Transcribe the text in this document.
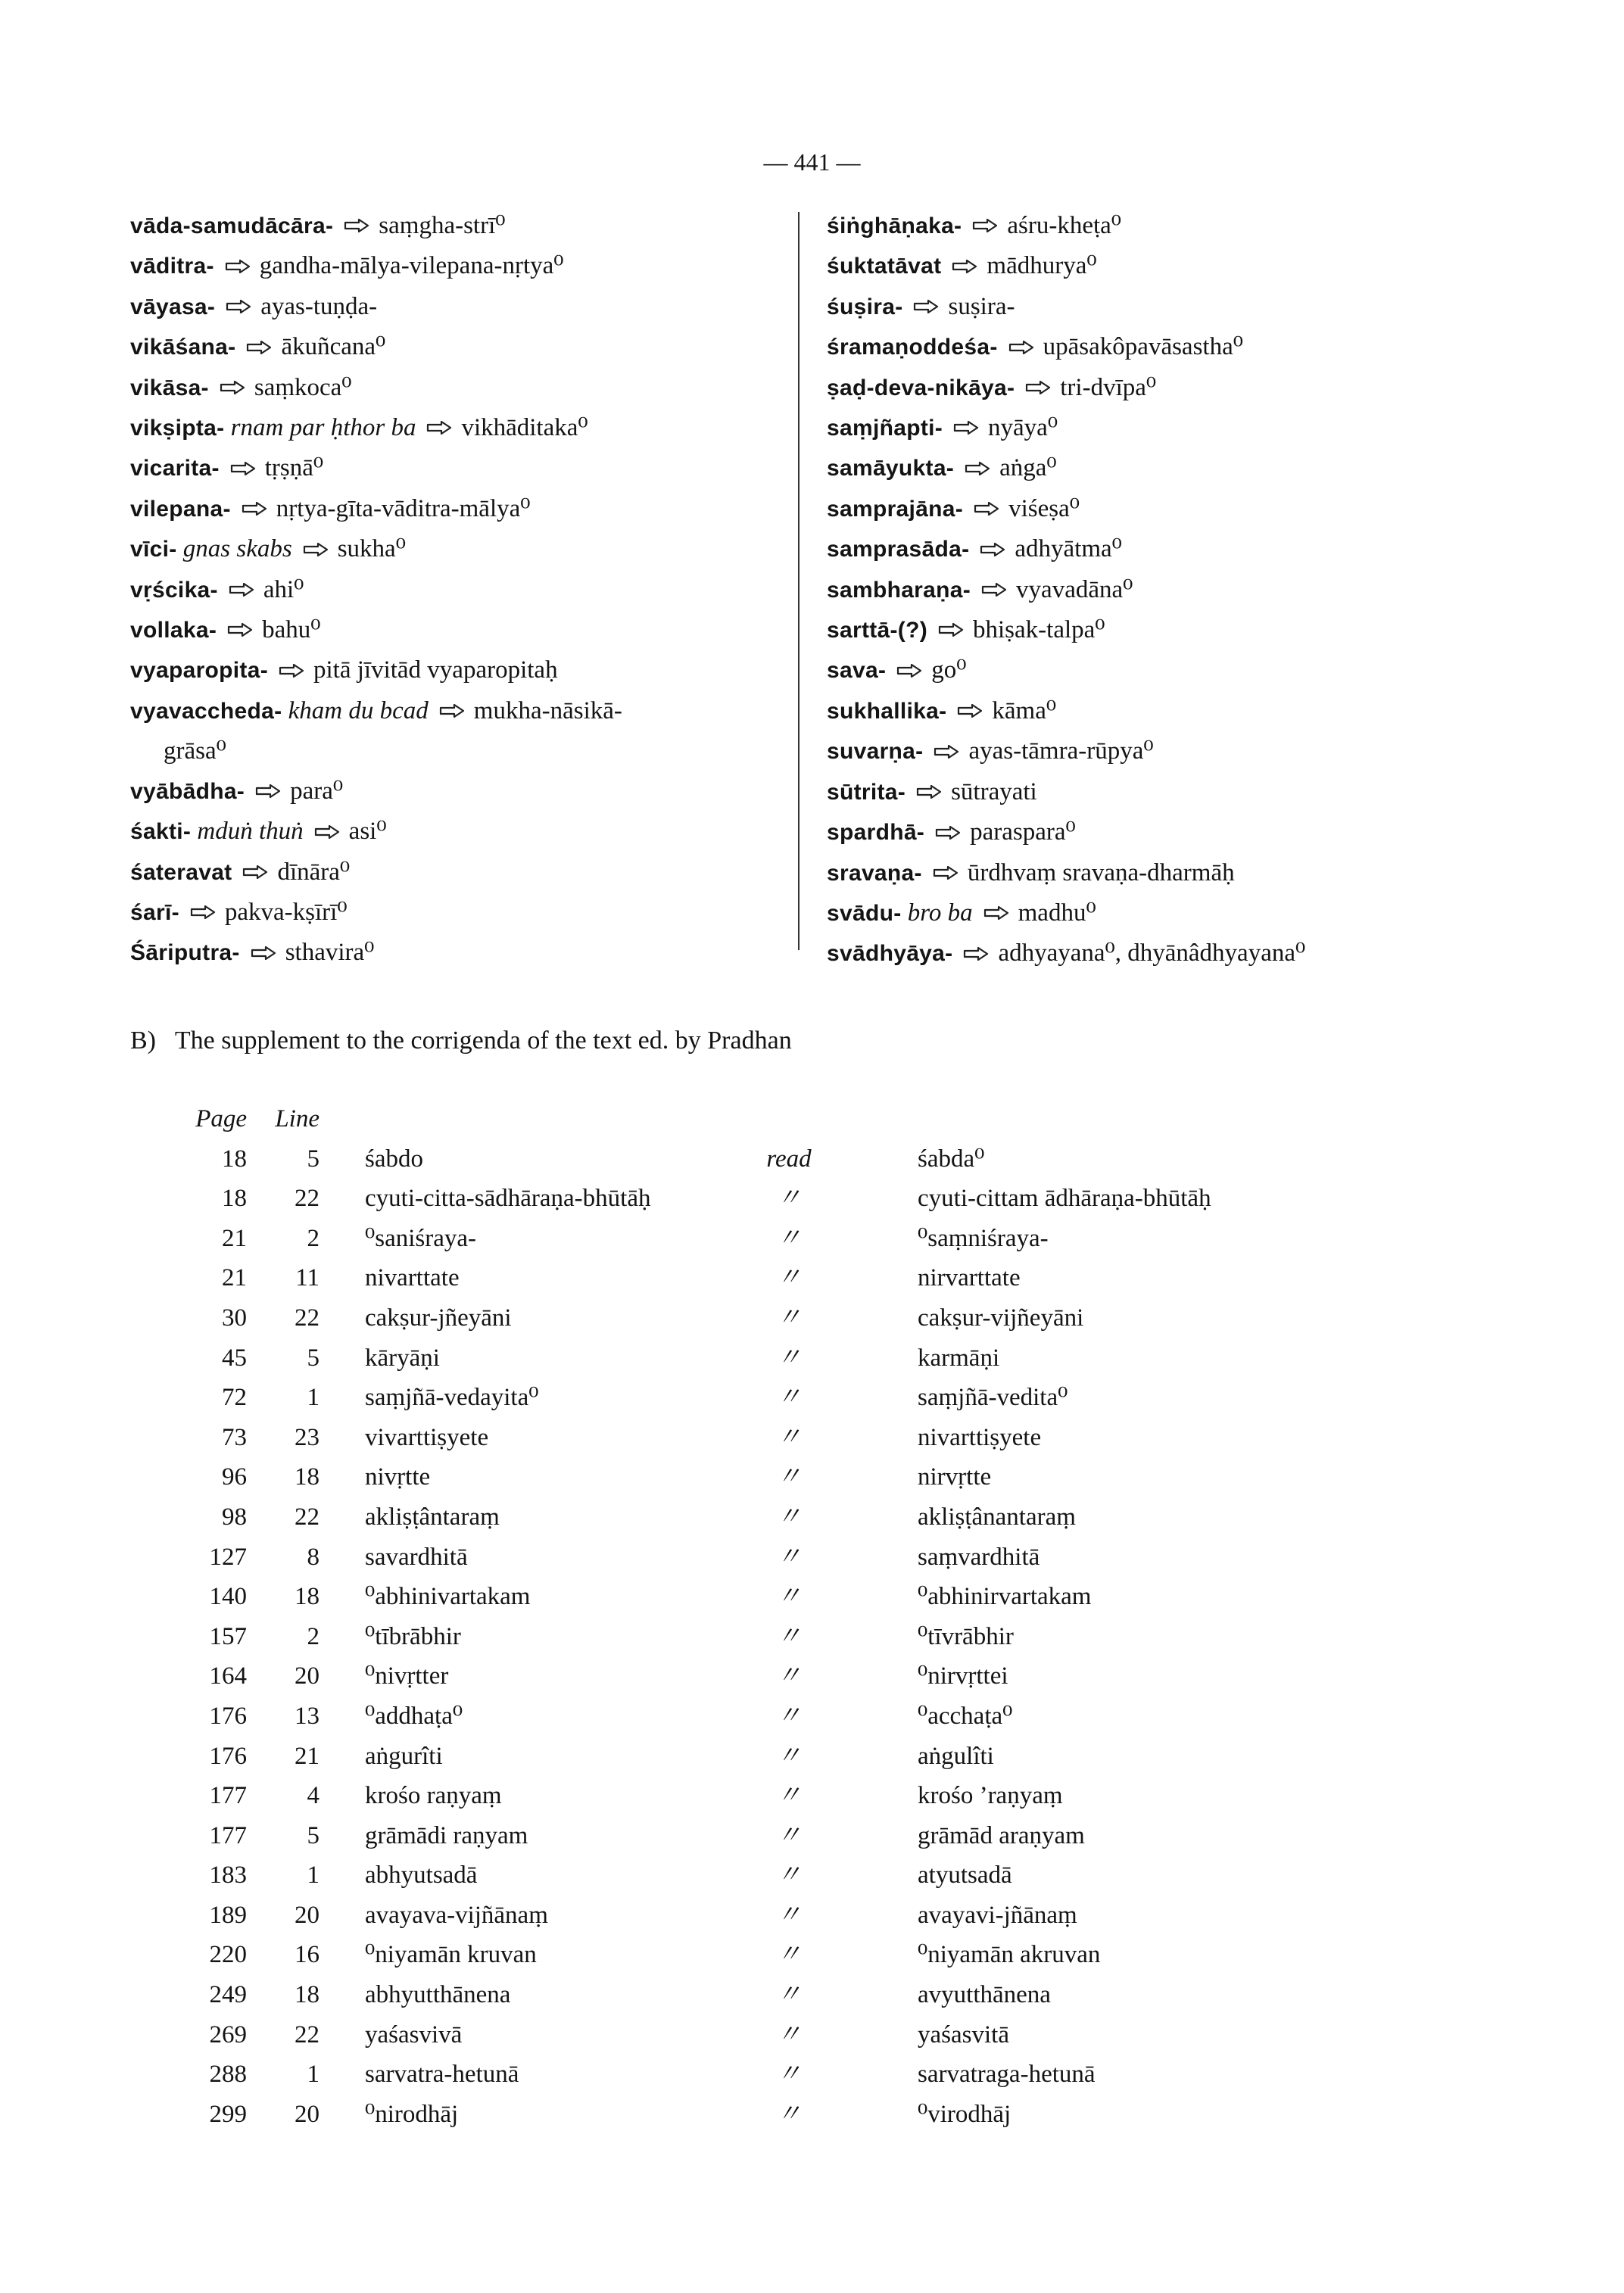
— 441 —
vāda-samudācāra- saṃgha-strī⁰
vāditra- gandha-mālya-vilepana-nṛtya⁰
vāyasa- ayas-tuṇḍa-
vikāśana- ākuñcana⁰
vikāsa- saṃkoca⁰
vikṣipta- rnam par ḥthor ba vikhāditaka⁰
vicarita- tṛṣṇā⁰
vilepana- nṛtya-gīta-vāditra-mālya⁰
vīci- gnas skabs sukha⁰
vṛścika- ahi⁰
vollaka- bahu⁰
vyaparopita- pitā jīvitād vyaparopitaḥ
vyavaccheda- kham du bcad mukha-nāsikā-
grāsa⁰
vyābādha- para⁰
śakti- mduṅ thuṅ asi⁰
śateravat dīnāra⁰
śarī- pakva-kṣīrī⁰
Śāriputra- sthavira⁰
śiṅghāṇaka- aśru-kheṭa⁰
śuktatāvat mādhurya⁰
śuṣira- suṣira-
śramaṇoddeśa- upāsakôpavāsastha⁰
ṣaḍ-deva-nikāya- tri-dvīpa⁰
saṃjñapti- nyāya⁰
samāyukta- aṅga⁰
samprajāna- viśeṣa⁰
samprasāda- adhyātma⁰
sambharaṇa- vyavadāna⁰
sarttā-(?) bhiṣak-talpa⁰
sava- go⁰
sukhallika- kāma⁰
suvarṇa- ayas-tāmra-rūpya⁰
sūtrita- sūtrayati
spardhā- paraspara⁰
sravaṇa- ūrdhvaṃ sravaṇa-dharmāḥ
svādu- bro ba madhu⁰
svādhyāya- adhyayana⁰, dhyānâdhyayana⁰
B)   The supplement to the corrigenda of the text ed. by Pradhan
Page	Line			
18	5	śabdo	read	śabda⁰
18	22	cyuti-citta-sādhāraṇa-bhūtāḥ	〃	cyuti-cittam ādhāraṇa-bhūtāḥ
21	2	⁰saniśraya-	〃	⁰saṃniśraya-
21	11	nivarttate	〃	nirvarttate
30	22	cakṣur-jñeyāni	〃	cakṣur-vijñeyāni
45	5	kāryāṇi	〃	karmāṇi
72	1	saṃjñā-vedayita⁰	〃	saṃjñā-vedita⁰
73	23	vivarttiṣyete	〃	nivarttiṣyete
96	18	nivṛtte	〃	nirvṛtte
98	22	akliṣṭântaraṃ	〃	akliṣṭânantaraṃ
127	8	savardhitā	〃	saṃvardhitā
140	18	⁰abhinivartakam	〃	⁰abhinirvartakam
157	2	⁰tībrābhir	〃	⁰tīvrābhir
164	20	⁰nivṛtter	〃	⁰nirvṛttei
176	13	⁰addhaṭa⁰	〃	⁰acchaṭa⁰
176	21	aṅgurîti	〃	aṅgulîti
177	4	krośo raṇyaṃ	〃	krośo ’raṇyaṃ
177	5	grāmādi raṇyam	〃	grāmād araṇyam
183	1	abhyutsadā	〃	atyutsadā
189	20	avayava-vijñānaṃ	〃	avayavi-jñānaṃ
220	16	⁰niyamān kruvan	〃	⁰niyamān akruvan
249	18	abhyutthānena	〃	avyutthānena
269	22	yaśasvivā	〃	yaśasvitā
288	1	sarvatra-hetunā	〃	sarvatraga-hetunā
299	20	⁰nirodhāj	〃	⁰virodhāj
